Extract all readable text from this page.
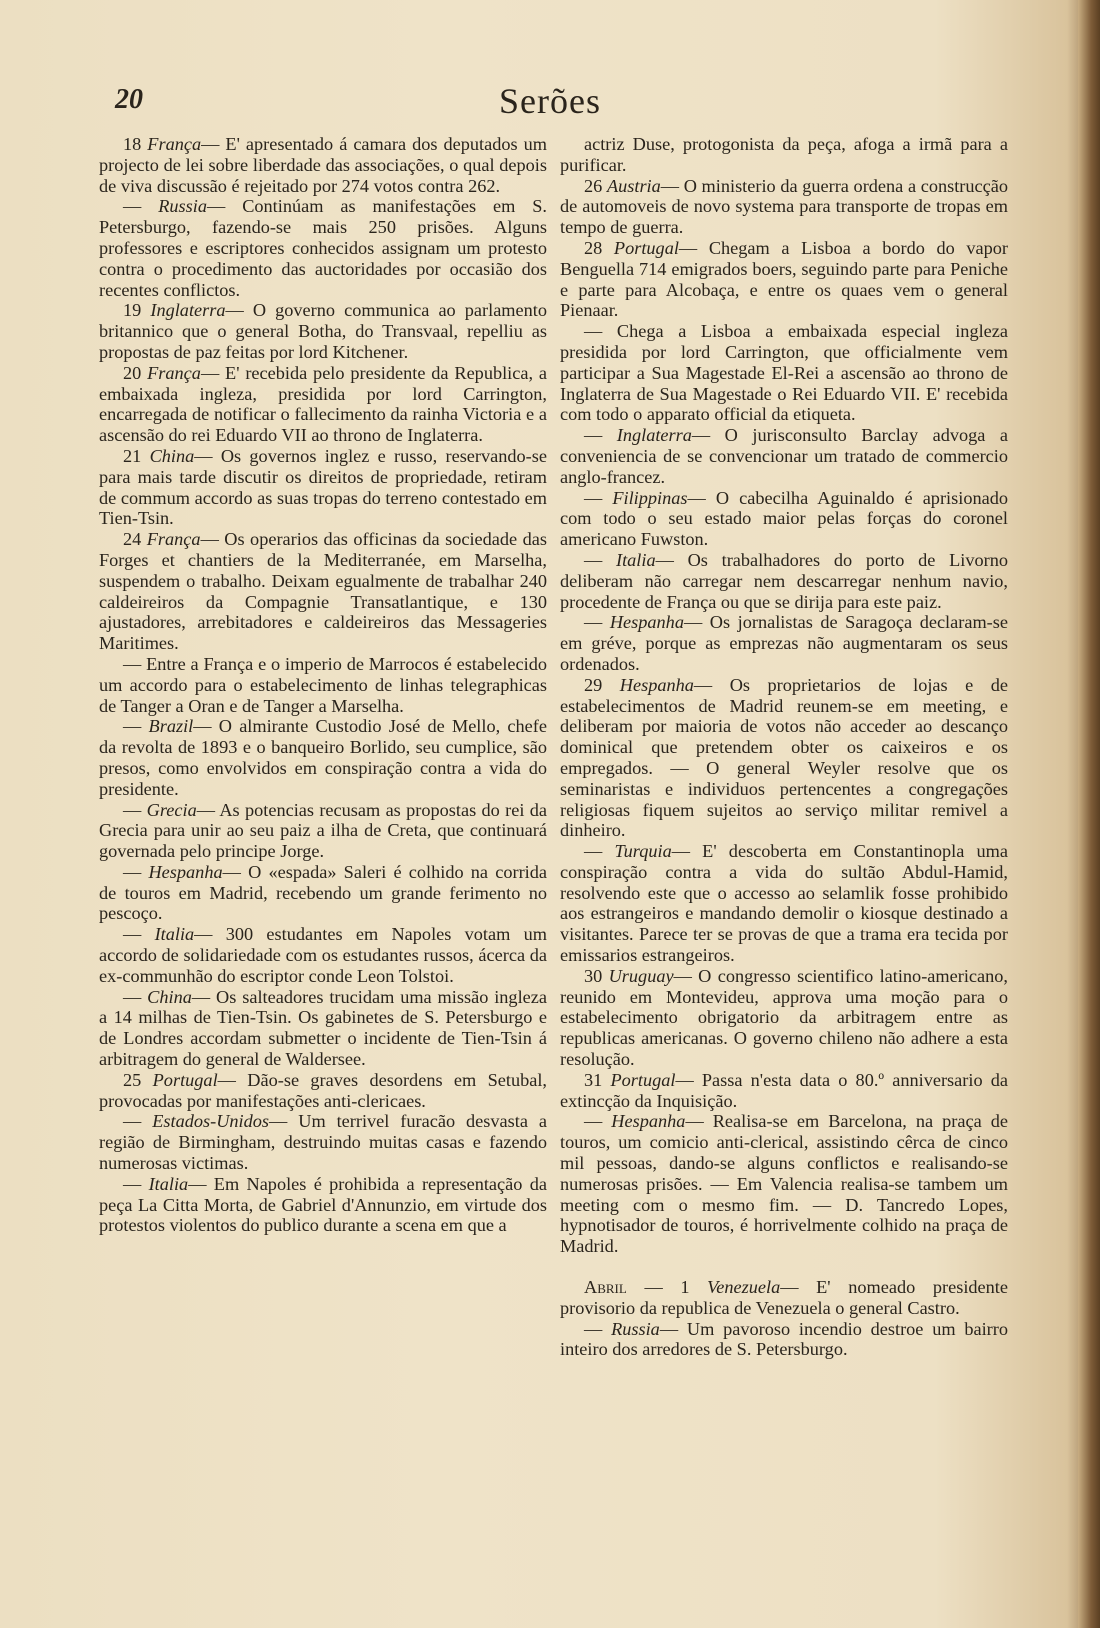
20	Serões

18 França— E' apresentado á camara dos deputados um projecto de lei sobre liberdade das associações, o qual depois de viva discussão é rejeitado por 274 votos contra 262.

— Russia— Continúam as manifestações em S. Petersburgo, fazendo-se mais 250 prisões. Alguns professores e escriptores conhecidos assignam um protesto contra o procedimento das auctoridades por occasião dos recentes conflictos.

19 Inglaterra— O governo communica ao parlamento britannico que o general Botha, do Transvaal, repelliu as propostas de paz feitas por lord Kitchener.

20 França— E' recebida pelo presidente da Republica, a embaixada ingleza, presidida por lord Carrington, encarregada de notificar o fallecimento da rainha Victoria e a ascensão do rei Eduardo VII ao throno de Inglaterra.

21 China— Os governos inglez e russo, reservando-se para mais tarde discutir os direitos de propriedade, retiram de commum accordo as suas tropas do terreno contestado em Tien-Tsin.

24 França— Os operarios das officinas da sociedade das Forges et chantiers de la Mediterranée, em Marselha, suspendem o trabalho. Deixam egualmente de trabalhar 240 caldeireiros da Compagnie Transatlantique, e 130 ajustadores, arrebitadores e caldeireiros das Messageries Maritimes.

— Entre a França e o imperio de Marrocos é estabelecido um accordo para o estabelecimento de linhas telegraphicas de Tanger a Oran e de Tanger a Marselha.

— Brazil— O almirante Custodio José de Mello, chefe da revolta de 1893 e o banqueiro Borlido, seu cumplice, são presos, como envolvidos em conspiração contra a vida do presidente.

— Grecia— As potencias recusam as propostas do rei da Grecia para unir ao seu paiz a ilha de Creta, que continuará governada pelo principe Jorge.

— Hespanha— O «espada» Saleri é colhido na corrida de touros em Madrid, recebendo um grande ferimento no pescoço.

— Italia— 300 estudantes em Napoles votam um accordo de solidariedade com os estudantes russos, ácerca da ex-communhão do escriptor conde Leon Tolstoi.

— China— Os salteadores trucidam uma missão ingleza a 14 milhas de Tien-Tsin. Os gabinetes de S. Petersburgo e de Londres accordam submetter o incidente de Tien-Tsin á arbitragem do general de Waldersee.

25 Portugal— Dão-se graves desordens em Setubal, provocadas por manifestações anti-clericaes.

— Estados-Unidos— Um terrivel furacão desvasta a região de Birmingham, destruindo muitas casas e fazendo numerosas victimas.

— Italia— Em Napoles é prohibida a representação da peça La Citta Morta, de Gabriel d'Annunzio, em virtude dos protestos violentos do publico durante a scena em que a

actriz Duse, protogonista da peça, afoga a irmã para a purificar.

26 Austria— O ministerio da guerra ordena a construcção de automoveis de novo systema para transporte de tropas em tempo de guerra.

28 Portugal— Chegam a Lisboa a bordo do vapor Benguella 714 emigrados boers, seguindo parte para Peniche e parte para Alcobaça, e entre os quaes vem o general Pienaar.

— Chega a Lisboa a embaixada especial ingleza presidida por lord Carrington, que officialmente vem participar a Sua Magestade El-Rei a ascensão ao throno de Inglaterra de Sua Magestade o Rei Eduardo VII. E' recebida com todo o apparato official da etiqueta.

— Inglaterra— O jurisconsulto Barclay advoga a conveniencia de se convencionar um tratado de commercio anglo-francez.

— Filippinas— O cabecilha Aguinaldo é aprisionado com todo o seu estado maior pelas forças do coronel americano Fuwston.

— Italia— Os trabalhadores do porto de Livorno deliberam não carregar nem descarregar nenhum navio, procedente de França ou que se dirija para este paiz.

— Hespanha— Os jornalistas de Saragoça declaram-se em gréve, porque as emprezas não augmentaram os seus ordenados.

29 Hespanha— Os proprietarios de lojas e de estabelecimentos de Madrid reunem-se em meeting, e deliberam por maioria de votos não acceder ao descanço dominical que pretendem obter os caixeiros e os empregados. — O general Weyler resolve que os seminaristas e individuos pertencentes a congregações religiosas fiquem sujeitos ao serviço militar remivel a dinheiro.

— Turquia— E' descoberta em Constantinopla uma conspiração contra a vida do sultão Abdul-Hamid, resolvendo este que o accesso ao selamlik fosse prohibido aos estrangeiros e mandando demolir o kiosque destinado a visitantes. Parece ter se provas de que a trama era tecida por emissarios estrangeiros.

30 Uruguay— O congresso scientifico latino-americano, reunido em Montevideu, approva uma moção para o estabelecimento obrigatorio da arbitragem entre as republicas americanas. O governo chileno não adhere a esta resolução.

31 Portugal— Passa n'esta data o 80.º anniversario da extincção da Inquisição.

— Hespanha— Realisa-se em Barcelona, na praça de touros, um comicio anti-clerical, assistindo cêrca de cinco mil pessoas, dando-se alguns conflictos e realisando-se numerosas prisões. — Em Valencia realisa-se tambem um meeting com o mesmo fim. — D. Tancredo Lopes, hypnotisador de touros, é horrivelmente colhido na praça de Madrid.

Abril — 1 Venezuela— E' nomeado presidente provisorio da republica de Venezuela o general Castro.

— Russia— Um pavoroso incendio destroe um bairro inteiro dos arredores de S. Petersburgo.
